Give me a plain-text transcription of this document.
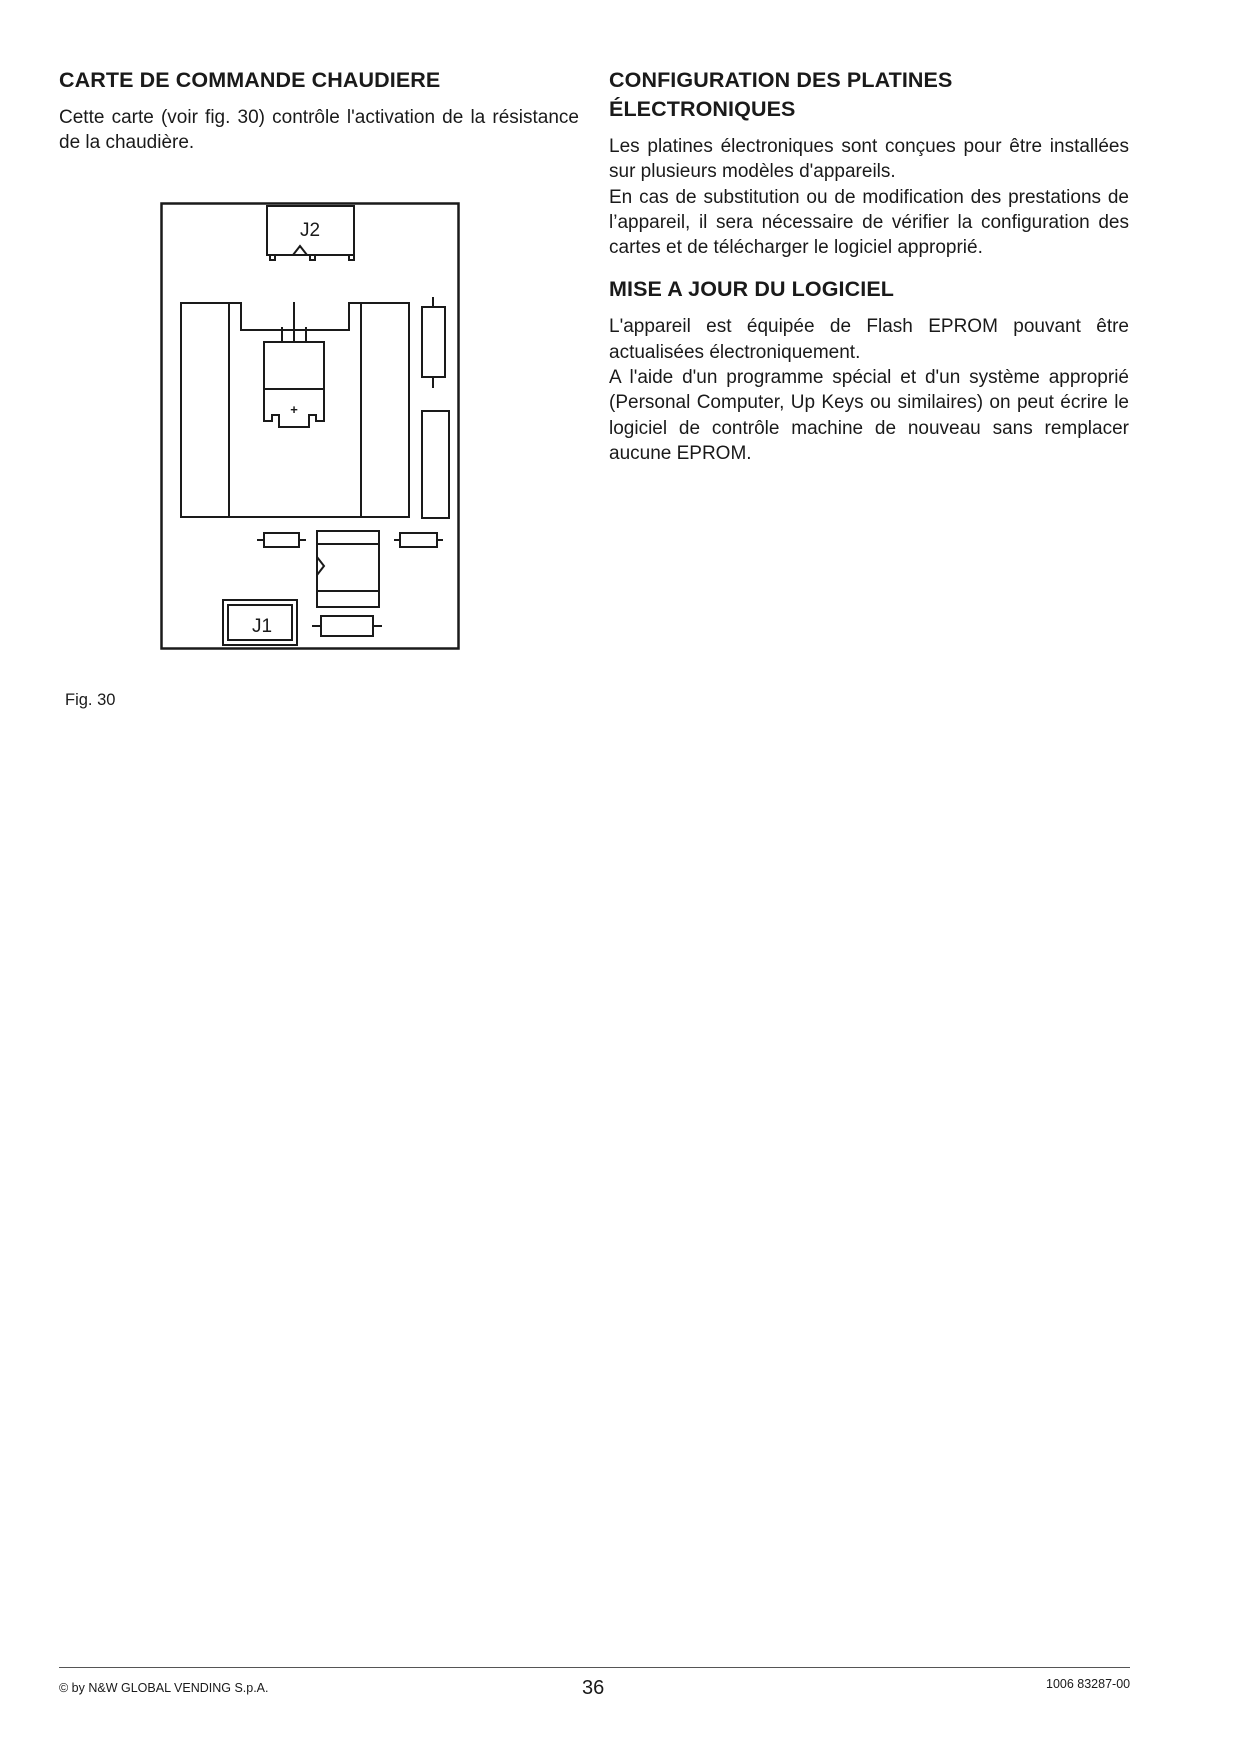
CARTE DE COMMANDE CHAUDIERE

Cette carte (voir fig. 30) contrôle l'activation de la résistance de la chaudière.

J2
+
J1
Fig. 30
CONFIGURATION DES PLATINES ÉLECTRONIQUES

Les platines électroniques sont conçues pour être installées sur plusieurs modèles d'appareils.

En cas de substitution ou de modification des prestations de l’appareil, il sera nécessaire de vérifier la configuration des cartes et de télécharger le logiciel approprié.

MISE A JOUR DU LOGICIEL

L'appareil est équipée de Flash EPROM pouvant être actualisées électroniquement.

A l'aide d'un programme spécial et d'un système approprié (Personal Computer, Up Keys ou similaires) on peut écrire le logiciel de contrôle machine de nouveau sans remplacer aucune EPROM.

© by N&W GLOBAL VENDING S.p.A.	36	1006 83287-00
